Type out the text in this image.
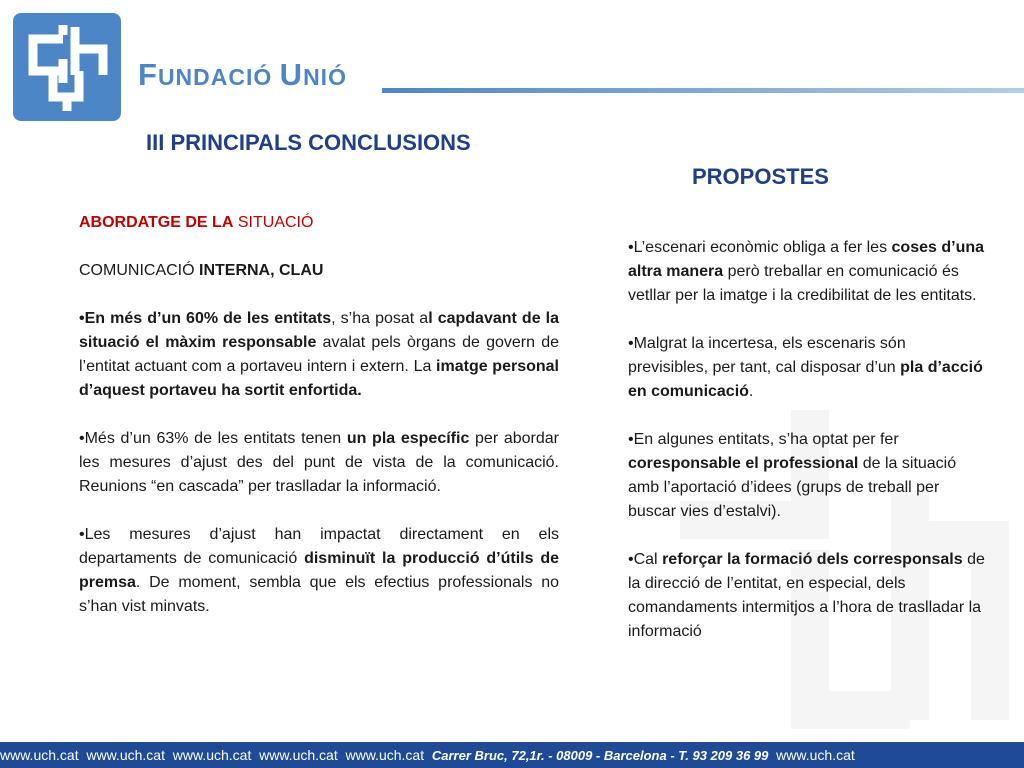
FUNDACIÓ UNIÓ
III PRINCIPALS CONCLUSIONS
PROPOSTES

ABORDATGE DE LA SITUACIÓ

COMUNICACIÓ INTERNA, CLAU

•En més d’un 60% de les entitats, s’ha posat al capdavant de la situació el màxim responsable avalat pels òrgans de govern de l’entitat actuant com a portaveu intern i extern. La imatge personal d’aquest portaveu ha sortit enfortida.

•Més d’un 63% de les entitats tenen un pla específic per abordar les mesures d’ajust des del punt de vista de la comunicació. Reunions “en cascada” per traslladar la informació.

•Les mesures d’ajust han impactat directament en els departaments de comunicació disminuït la producció d’útils de premsa. De moment, sembla que els efectius professionals no s’han vist minvats.

•L’escenari econòmic obliga a fer les coses d’una altra manera però treballar en comunicació és vetllar per la imatge i la credibilitat de les entitats.

•Malgrat la incertesa, els escenaris són previsibles, per tant, cal disposar d’un pla d’acció en comunicació.

•En algunes entitats, s’ha optat per fer coresponsable el professional de la situació amb l’aportació d’idees (grups de treball per buscar vies d’estalvi).

•Cal reforçar la formació dels corresponsals de la direcció de l’entitat, en especial, dels comandaments intermitjos a l’hora de traslladar la informació

www.uch.cat www.uch.cat www.uch.cat www.uch.cat www.uch.cat Carrer Bruc, 72,1r. - 08009 - Barcelona - T. 93 209 36 99 www.uch.cat
